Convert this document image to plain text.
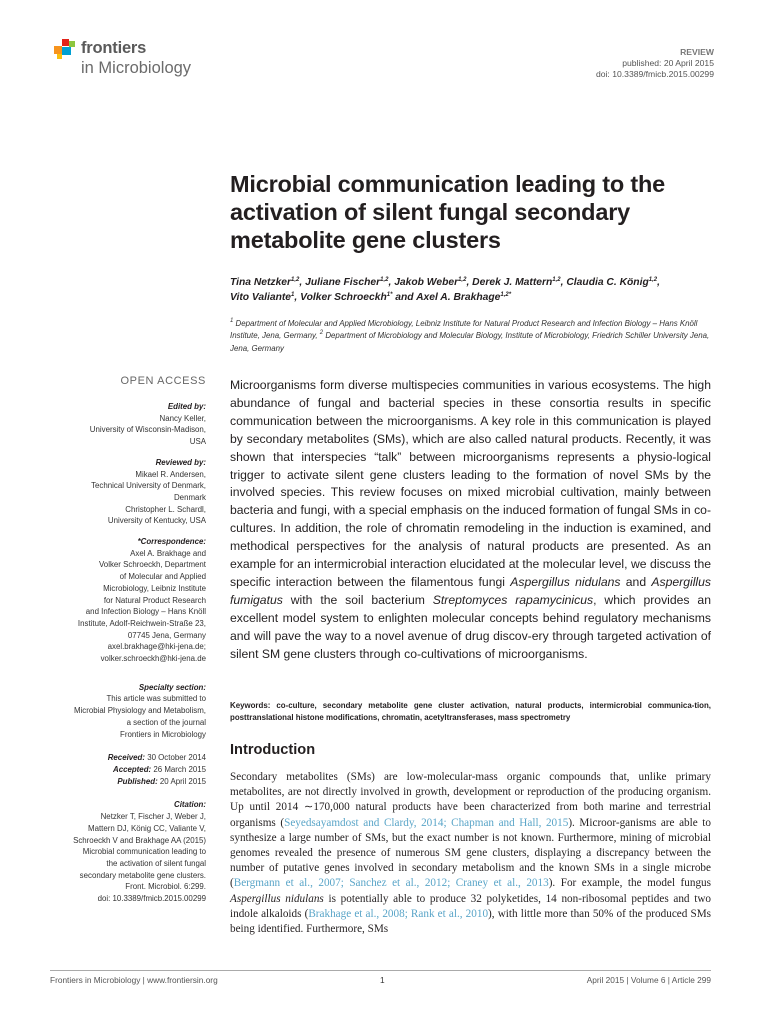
frontiers
in Microbiology
REVIEW
published: 20 April 2015
doi: 10.3389/fmicb.2015.00299
Microbial communication leading to the activation of silent fungal secondary metabolite gene clusters
Tina Netzker$^{1,2}$, Juliane Fischer$^{1,2}$, Jakob Weber$^{1,2}$, Derek J. Mattern$^{1,2}$, Claudia C. König$^{1,2}$,
Vito Valiante$^1$, Volker Schroeckh$^{1*}$ and Axel A. Brakhage$^{1,2*}$
$^1$ Department of Molecular and Applied Microbiology, Leibniz Institute for Natural Product Research and Infection Biology – Hans Knöll Institute, Jena, Germany, $^2$ Department of Microbiology and Molecular Biology, Institute of Microbiology, Friedrich Schiller University Jena, Jena, Germany
OPEN ACCESS
Edited by:
Nancy Keller,
University of Wisconsin-Madison,
USA
Reviewed by:
Mikael R. Andersen,
Technical University of Denmark,
Denmark
Christopher L. Schardl,
University of Kentucky, USA
*Correspondence:
Axel A. Brakhage and
Volker Schroeckh, Department
of Molecular and Applied
Microbiology, Leibniz Institute
for Natural Product Research
and Infection Biology – Hans Knöll
Institute, Adolf-Reichwein-Straße 23,
07745 Jena, Germany
axel.brakhage@hki-jena.de;
volker.schroeckh@hki-jena.de
Specialty section:
This article was submitted to
Microbial Physiology and Metabolism,
a section of the journal
Frontiers in Microbiology
Received: 30 October 2014
Accepted: 26 March 2015
Published: 20 April 2015
Citation:
Netzker T, Fischer J, Weber J,
Mattern DJ, König CC, Valiante V,
Schroeckh V and Brakhage AA (2015)
Microbial communication leading to
the activation of silent fungal
secondary metabolite gene clusters.
Front. Microbiol. 6:299.
doi: 10.3389/fmicb.2015.00299
Microorganisms form diverse multispecies communities in various ecosystems. The high abundance of fungal and bacterial species in these consortia results in specific communication between the microorganisms. A key role in this communication is played by secondary metabolites (SMs), which are also called natural products. Recently, it was shown that interspecies “talk” between microorganisms represents a physio-logical trigger to activate silent gene clusters leading to the formation of novel SMs by the involved species. This review focuses on mixed microbial cultivation, mainly between bacteria and fungi, with a special emphasis on the induced formation of fungal SMs in co-cultures. In addition, the role of chromatin remodeling in the induction is examined, and methodical perspectives for the analysis of natural products are presented. As an example for an intermicrobial interaction elucidated at the molecular level, we discuss the specific interaction between the filamentous fungi Aspergillus nidulans and Aspergillus fumigatus with the soil bacterium Streptomyces rapamycinicus, which provides an excellent model system to enlighten molecular concepts behind regulatory mechanisms and will pave the way to a novel avenue of drug discov-ery through targeted activation of silent SM gene clusters through co-cultivations of microorganisms.
Keywords: co-culture, secondary metabolite gene cluster activation, natural products, intermicrobial communica-tion, posttranslational histone modifications, chromatin, acetyltransferases, mass spectrometry
Introduction
Secondary metabolites (SMs) are low-molecular-mass organic compounds that, unlike primary metabolites, are not directly involved in growth, development or reproduction of the producing organism. Up until 2014 ∼170,000 natural products have been characterized from both marine and terrestrial organisms (Seyedsayamdost and Clardy, 2014; Chapman and Hall, 2015). Microor-ganisms are able to synthesize a large number of SMs, but the exact number is not known. Furthermore, mining of microbial genomes revealed the presence of numerous SM gene clusters, displaying a discrepancy between the number of putative genes involved in secondary metabolism and the known SMs in a single microbe (Bergmann et al., 2007; Sanchez et al., 2012; Craney et al., 2013). For example, the model fungus Aspergillus nidulans is potentially able to produce 32 polyketides, 14 non-ribosomal peptides and two indole alkaloids (Brakhage et al., 2008; Rank et al., 2010), with little more than 50% of the produced SMs being identified. Furthermore, SMs
Frontiers in Microbiology | www.frontiersin.org	1	April 2015 | Volume 6 | Article 299
